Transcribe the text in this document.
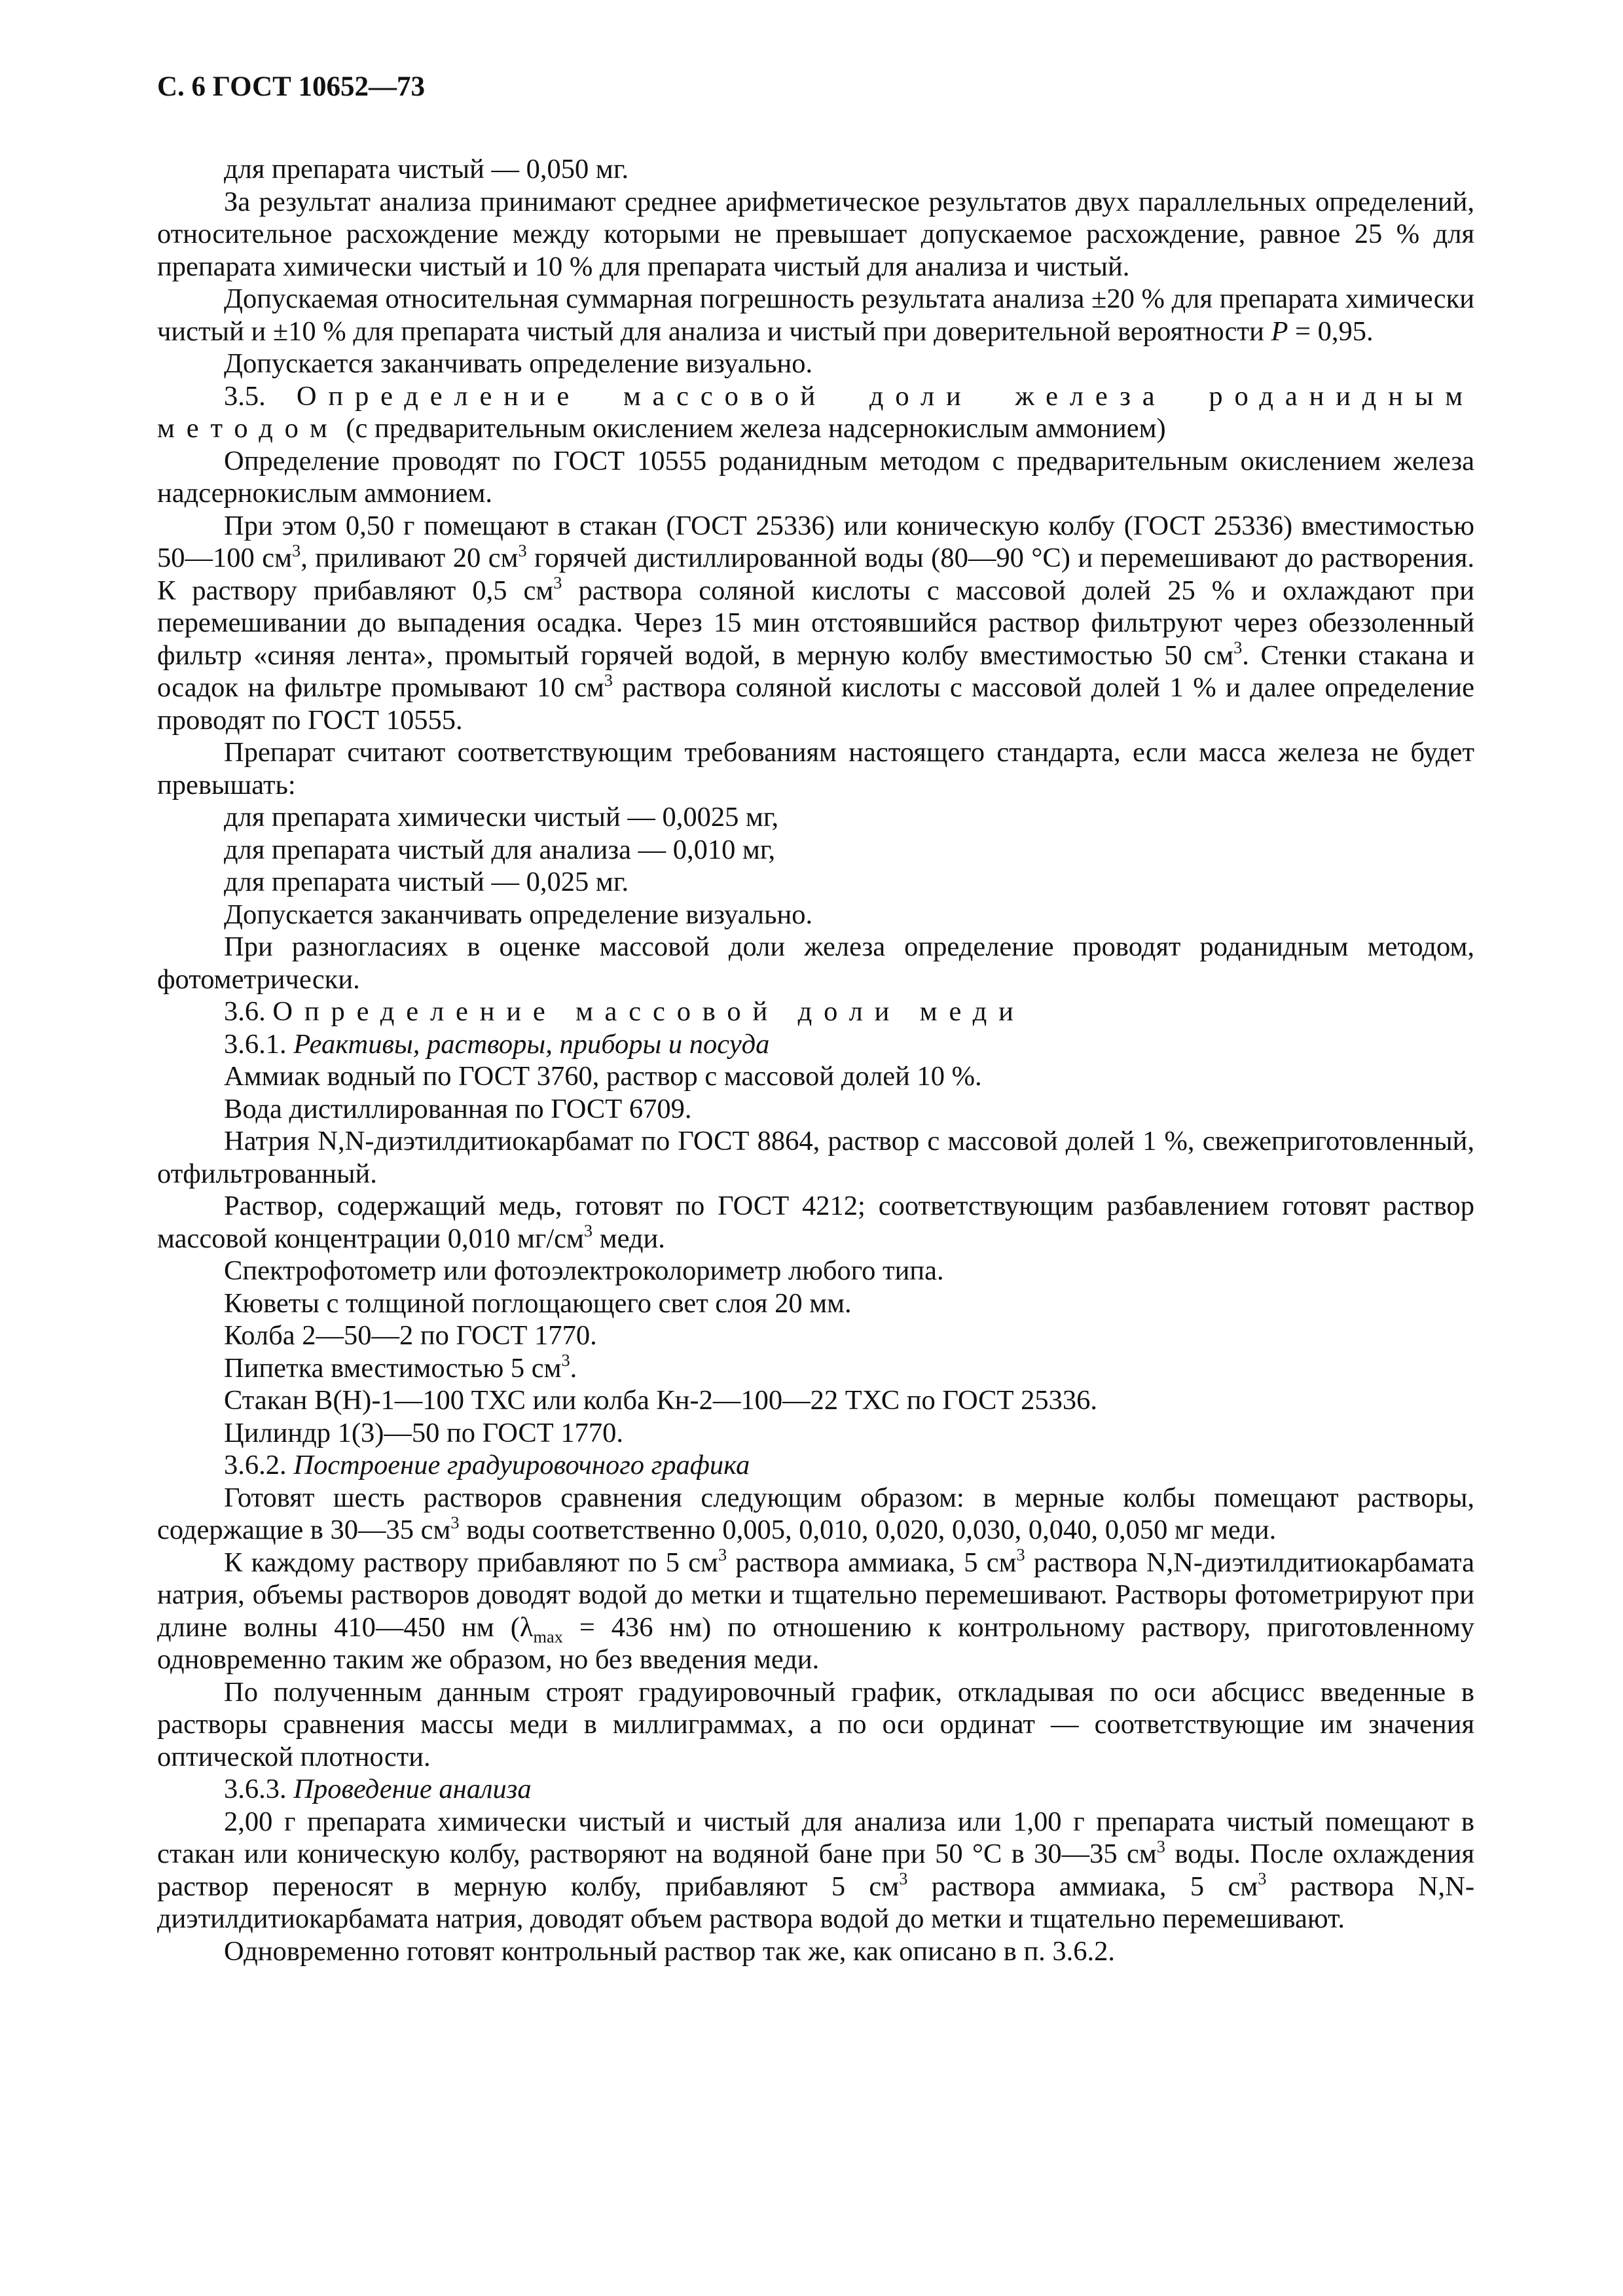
С. 6 ГОСТ 10652—73

для препарата чистый — 0,050 мг.

За результат анализа принимают среднее арифметическое результатов двух параллельных определений, относительное расхождение между которыми не превышает допускаемое расхождение, равное 25 % для препарата химически чистый и 10 % для препарата чистый для анализа и чистый.

Допускаемая относительная суммарная погрешность результата анализа ±20 % для препарата химически чистый и ±10 % для препарата чистый для анализа и чистый при доверительной вероятности P = 0,95.

Допускается заканчивать определение визуально.

3.5. Определение массовой доли железа роданидным методом (с предварительным окислением железа надсернокислым аммонием)

Определение проводят по ГОСТ 10555 роданидным методом с предварительным окислением железа надсернокислым аммонием.

При этом 0,50 г помещают в стакан (ГОСТ 25336) или коническую колбу (ГОСТ 25336) вместимостью 50—100 $см^3$, приливают 20 $см^3$ горячей дистиллированной воды (80—90 °С) и перемешивают до растворения. К раствору прибавляют 0,5 $см^3$ раствора соляной кислоты с массовой долей 25 % и охлаждают при перемешивании до выпадения осадка. Через 15 мин отстоявшийся раствор фильтруют через обеззоленный фильтр «синяя лента», промытый горячей водой, в мерную колбу вместимостью 50 $см^3$. Стенки стакана и осадок на фильтре промывают 10 $см^3$ раствора соляной кислоты с массовой долей 1 % и далее определение проводят по ГОСТ 10555.

Препарат считают соответствующим требованиям настоящего стандарта, если масса железа не будет превышать:

для препарата химически чистый — 0,0025 мг,

для препарата чистый для анализа — 0,010 мг,

для препарата чистый — 0,025 мг.

Допускается заканчивать определение визуально.

При разногласиях в оценке массовой доли железа определение проводят роданидным методом, фотометрически.

3.6. Определение массовой доли меди

3.6.1. Реактивы, растворы, приборы и посуда

Аммиак водный по ГОСТ 3760, раствор с массовой долей 10 %.

Вода дистиллированная по ГОСТ 6709.

Натрия N,N-диэтилдитиокарбамат по ГОСТ 8864, раствор с массовой долей 1 %, свежеприготовленный, отфильтрованный.

Раствор, содержащий медь, готовят по ГОСТ 4212; соответствующим разбавлением готовят раствор массовой концентрации 0,010 $мг/см^3$ меди.

Спектрофотометр или фотоэлектроколориметр любого типа.

Кюветы с толщиной поглощающего свет слоя 20 мм.

Колба 2—50—2 по ГОСТ 1770.

Пипетка вместимостью 5 $см^3$.

Стакан В(Н)-1—100 ТХС или колба Кн-2—100—22 ТХС по ГОСТ 25336.

Цилиндр 1(3)—50 по ГОСТ 1770.

3.6.2. Построение градуировочного графика

Готовят шесть растворов сравнения следующим образом: в мерные колбы помещают растворы, содержащие в 30—35 $см^3$ воды соответственно 0,005, 0,010, 0,020, 0,030, 0,040, 0,050 мг меди.

К каждому раствору прибавляют по 5 $см^3$ раствора аммиака, 5 $см^3$ раствора N,N-диэтилдитиокарбамата натрия, объемы растворов доводят водой до метки и тщательно перемешивают. Растворы фотометрируют при длине волны 410—450 нм ($\lambda_{max} = 436$ нм) по отношению к контрольному раствору, приготовленному одновременно таким же образом, но без введения меди.

По полученным данным строят градуировочный график, откладывая по оси абсцисс введенные в растворы сравнения массы меди в миллиграммах, а по оси ординат — соответствующие им значения оптической плотности.

3.6.3. Проведение анализа

2,00 г препарата химически чистый и чистый для анализа или 1,00 г препарата чистый помещают в стакан или коническую колбу, растворяют на водяной бане при 50 °С в 30—35 $см^3$ воды. После охлаждения раствор переносят в мерную колбу, прибавляют 5 $см^3$ раствора аммиака, 5 $см^3$ раствора N,N-диэтилдитиокарбамата натрия, доводят объем раствора водой до метки и тщательно перемешивают.

Одновременно готовят контрольный раствор так же, как описано в п. 3.6.2.
